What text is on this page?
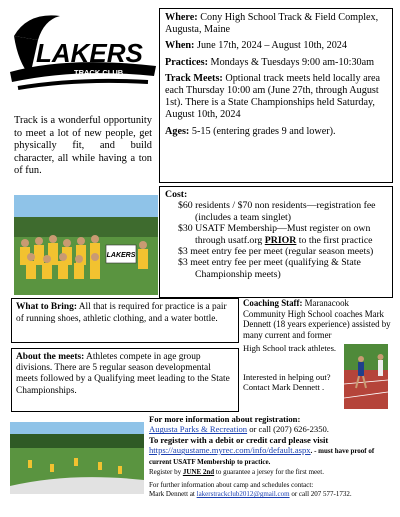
LAKERS
TRACK CLUB
Track is a wonderful opportunity to meet a lot of new people, get physically fit, and build character, all while having a ton of fun.
LAKERS

Where: Cony High School Track & Field Complex, Augusta, Maine

When: June 17th, 2024 – August 10th, 2024

Practices: Mondays & Tuesdays 9:00 am-10:30am

Track Meets: Optional track meets held locally area each Thursday 10:00 am (June 27th, through August 1st). There is a State Championships held Saturday, August 10th, 2024

Ages: 5-15 (entering grades 9 and lower).

Cost:
$60 residents / $70 non residents—registration fee
(includes a team singlet)
$30 USATF Membership—Must register on own
through usatf.org PRIOR to the first practice
$3 meet entry fee per meet (regular season meets)
$3 meet entry fee per meet (qualifying & State
Championship meets)
What to Bring: All that is required for practice is a pair of running shoes, athletic clothing, and a water bottle.
About the meets: Athletes compete in age group divisions. There are 5 regular season developmental meets followed by a Qualifying meet leading to the State Championships.
Coaching Staff: Maranacook Community High School coaches Mark Dennett (18 years experience) assisted by many current and former
High School track athletes.
Interested in helping out? Contact Mark Dennett .
For more information about registration:
Augusta Parks & Recreation or call (207) 626-2350.
To register with a debit or credit card please visit
https://augustame.myrec.com/info/default.aspx. - must have proof of current USATF Membership to practice.
Register by JUNE 2nd to guarantee a jersey for the first meet.
For further information about camp and schedules contact:
Mark Dennett at lakerstrackclub2012@gmail.com or call 207 577-1732.
